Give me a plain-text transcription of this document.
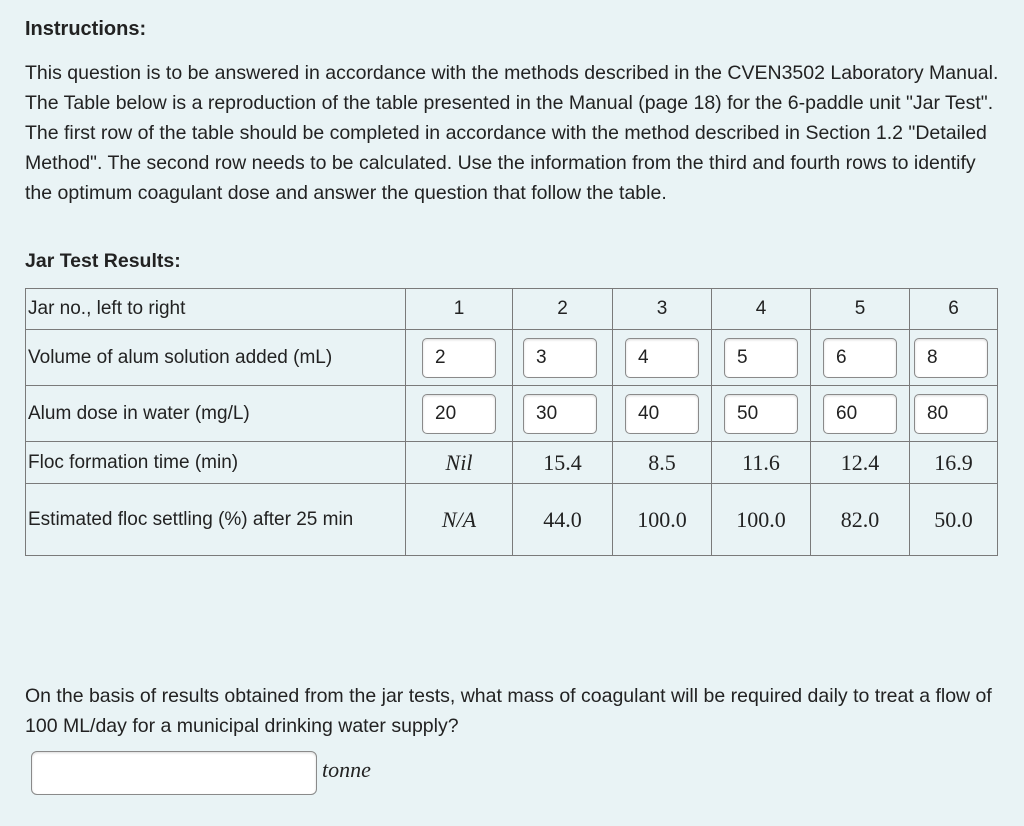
Instructions:
This question is to be answered in accordance with the methods described in the CVEN3502 Laboratory Manual. The Table below is a reproduction of the table presented in the Manual (page 18) for the 6-paddle unit "Jar Test". The first row of the table should be completed in accordance with the method described in Section 1.2 "Detailed Method". The second row needs to be calculated. Use the information from the third and fourth rows to identify the optimum coagulant dose and answer the question that follow the table.
Jar Test Results:
Jar no., left to right	1	2	3	4	5	6
Volume of alum solution added (mL)	2	3	4	5	6	8

Alum dose in water (mg/L)	20	30	40	50	60	80

Floc formation time (min)	Nil	15.4	8.5	11.6	12.4	16.9
Estimated floc settling (%) after 25 min	N/A	44.0	100.0	100.0	82.0	50.0
On the basis of results obtained from the jar tests, what mass of coagulant will be required daily to treat a flow of 100 ML/day for a municipal drinking water supply?
tonne
